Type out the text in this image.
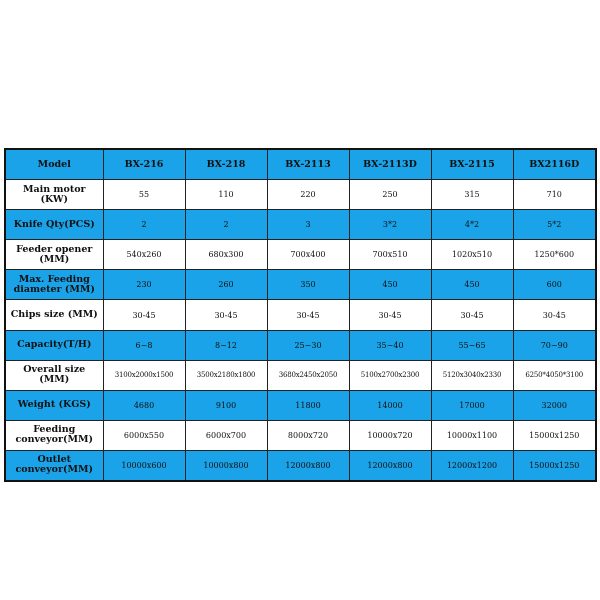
Model	BX-216	BX-218	BX-2113	BX-2113D	BX-2115	BX2116D
Main motor (KW)	55	110	220	250	315	710
Knife Qty(PCS)	2	2	3	3*2	4*2	5*2
Feeder opener (MM)	540x260	680x300	700x400	700x510	1020x510	1250*600
Max. Feeding diameter (MM)	230	260	350	450	450	600
Chips size (MM)	30-45	30-45	30-45	30-45	30-45	30-45
Capacity(T/H)	6~8	8~12	25~30	35~40	55~65	70~90
Overall size (MM)	3100x2000x1500	3500x2180x1800	3680x2450x2050	5100x2700x2300	5120x3040x2330	6250*4050*3100
Weight (KGS)	4680	9100	11800	14000	17000	32000
Feeding conveyor(MM)	6000x550	6000x700	8000x720	10000x720	10000x1100	15000x1250
Outlet conveyor(MM)	10000x600	10000x800	12000x800	12000x800	12000x1200	15000x1250
